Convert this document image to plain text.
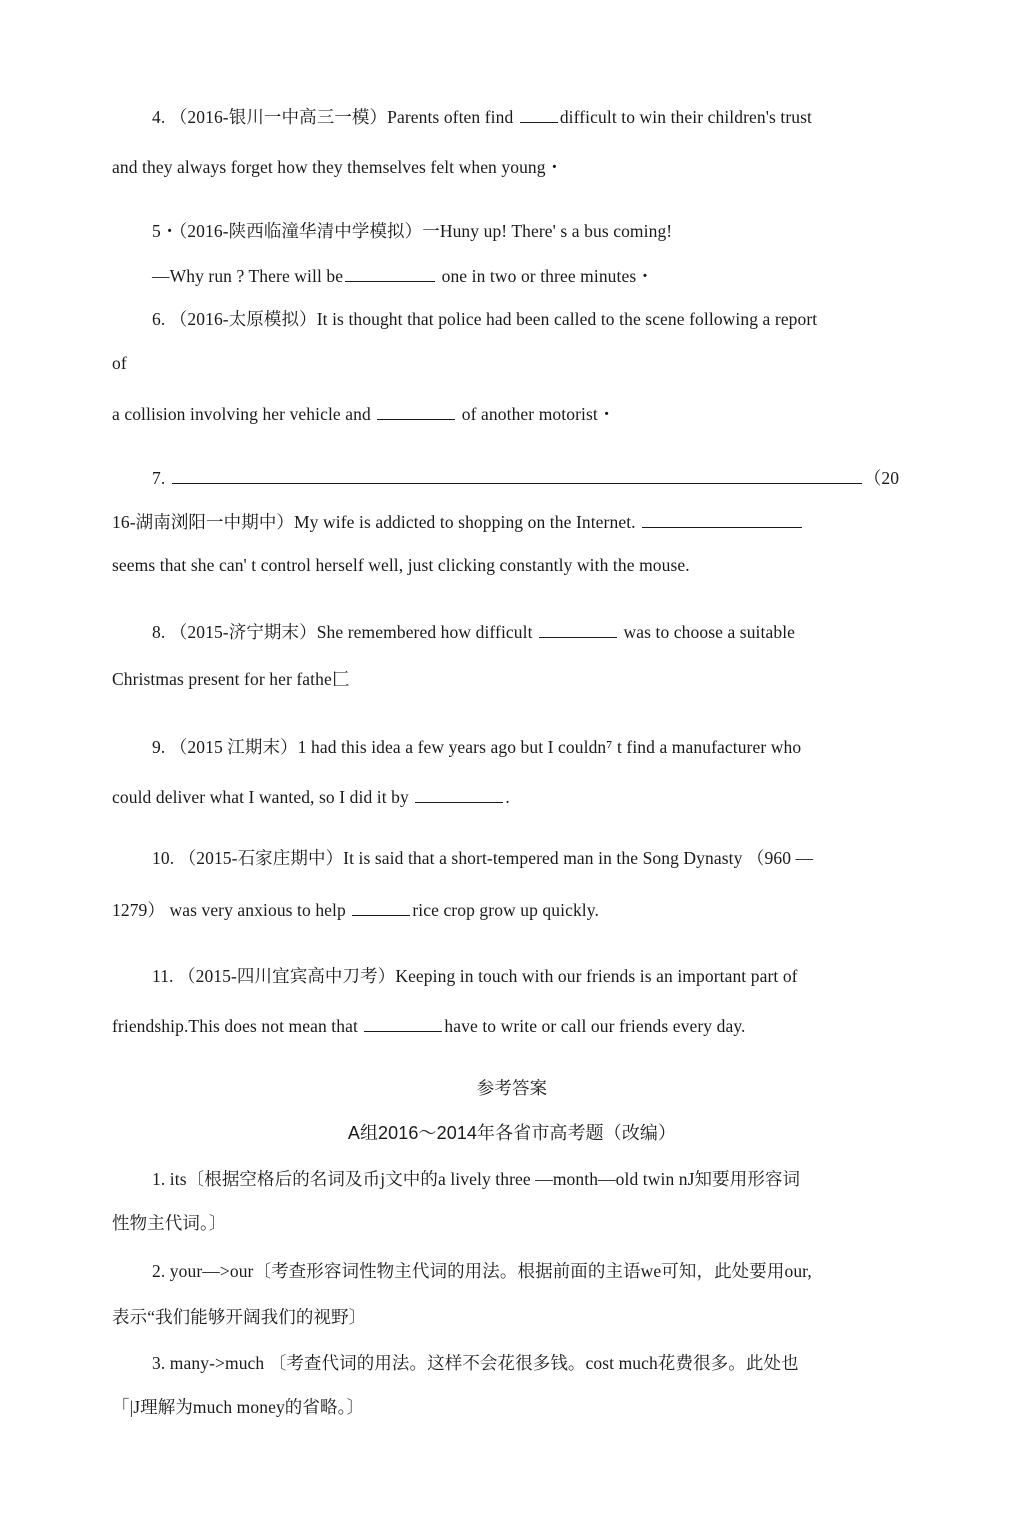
4. （2016-银川一中高三一模）Parents often find difficult to win their children's trust
and they always forget how they themselves felt when young・
5・（2016-陕西临潼华清中学模拟）一Huny up! There' s a bus coming!
—Why run ? There will be	one in two or three minutes・
6. （2016-太原模拟）It is thought that police had been called to the scene following a report
of
a collision involving her vehicle and	of another motorist・
7.	（20
16-湖南浏阳一中期中）My wife is addicted to shopping on the Internet.
seems that she can' t control herself well, just clicking constantly with the mouse.
8. （2015-济宁期末）She remembered how difficult	was to choose a suitable
Christmas present for her fathe匚
9. （2015 江期末）1 had this idea a few years ago but I couldn⁷ t find a manufacturer who
could deliver what I wanted, so I did it by	.
10. （2015-石家庄期中）It is said that a short-tempered man in the Song Dynasty （960 —
1279） was very anxious to help	rice crop grow up quickly.
11. （2015-四川宜宾高中刀考）Keeping in touch with our friends is an important part of
friendship.This does not mean that	have to write or call our friends every day.
参考答案
A组2016～2014年各省市高考题（改编）
1. its〔根据空格后的名词及币j文中的a lively three —month—old twin nJ知要用形容词
性物主代词。〕
2. your—>our〔考查形容词性物主代词的用法。根据前面的主语we可知，此处要用our,
表示“我们能够开阔我们的视野〕
3. many->much 〔考查代词的用法。这样不会花很多钱。cost much花费很多。此处也
「|J理解为much money的省略。〕
